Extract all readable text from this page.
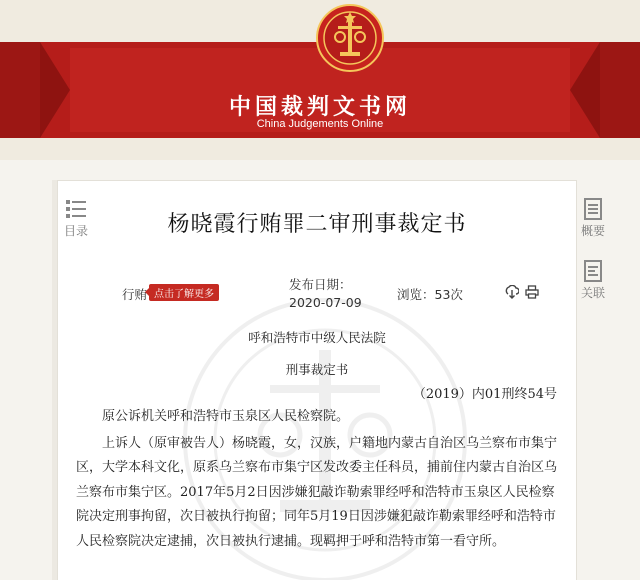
中国裁判文书网
China Judgements Online
目录	概要
关联
杨晓霞行贿罪二审刑事裁定书
行贿 点击了解更多
发布日期：2020-07-09
浏览：53次
呼和浩特市中级人民法院
刑事裁定书
（2019）内01刑终54号

原公诉机关呼和浩特市玉泉区人民检察院。

上诉人（原审被告人）杨晓霞，女，汉族，户籍地内蒙古自治区乌兰察布市集宁区，大学本科文化，原系乌兰察布市集宁区发改委主任科员，捕前住内蒙古自治区乌兰察布市集宁区。2017年5月2日因涉嫌犯敲诈勒索罪经呼和浩特市玉泉区人民检察院决定刑事拘留，次日被执行拘留；同年5月19日因涉嫌犯敲诈勒索罪经呼和浩特市人民检察院决定逮捕，次日被执行逮捕。现羁押于呼和浩特市第一看守所。
